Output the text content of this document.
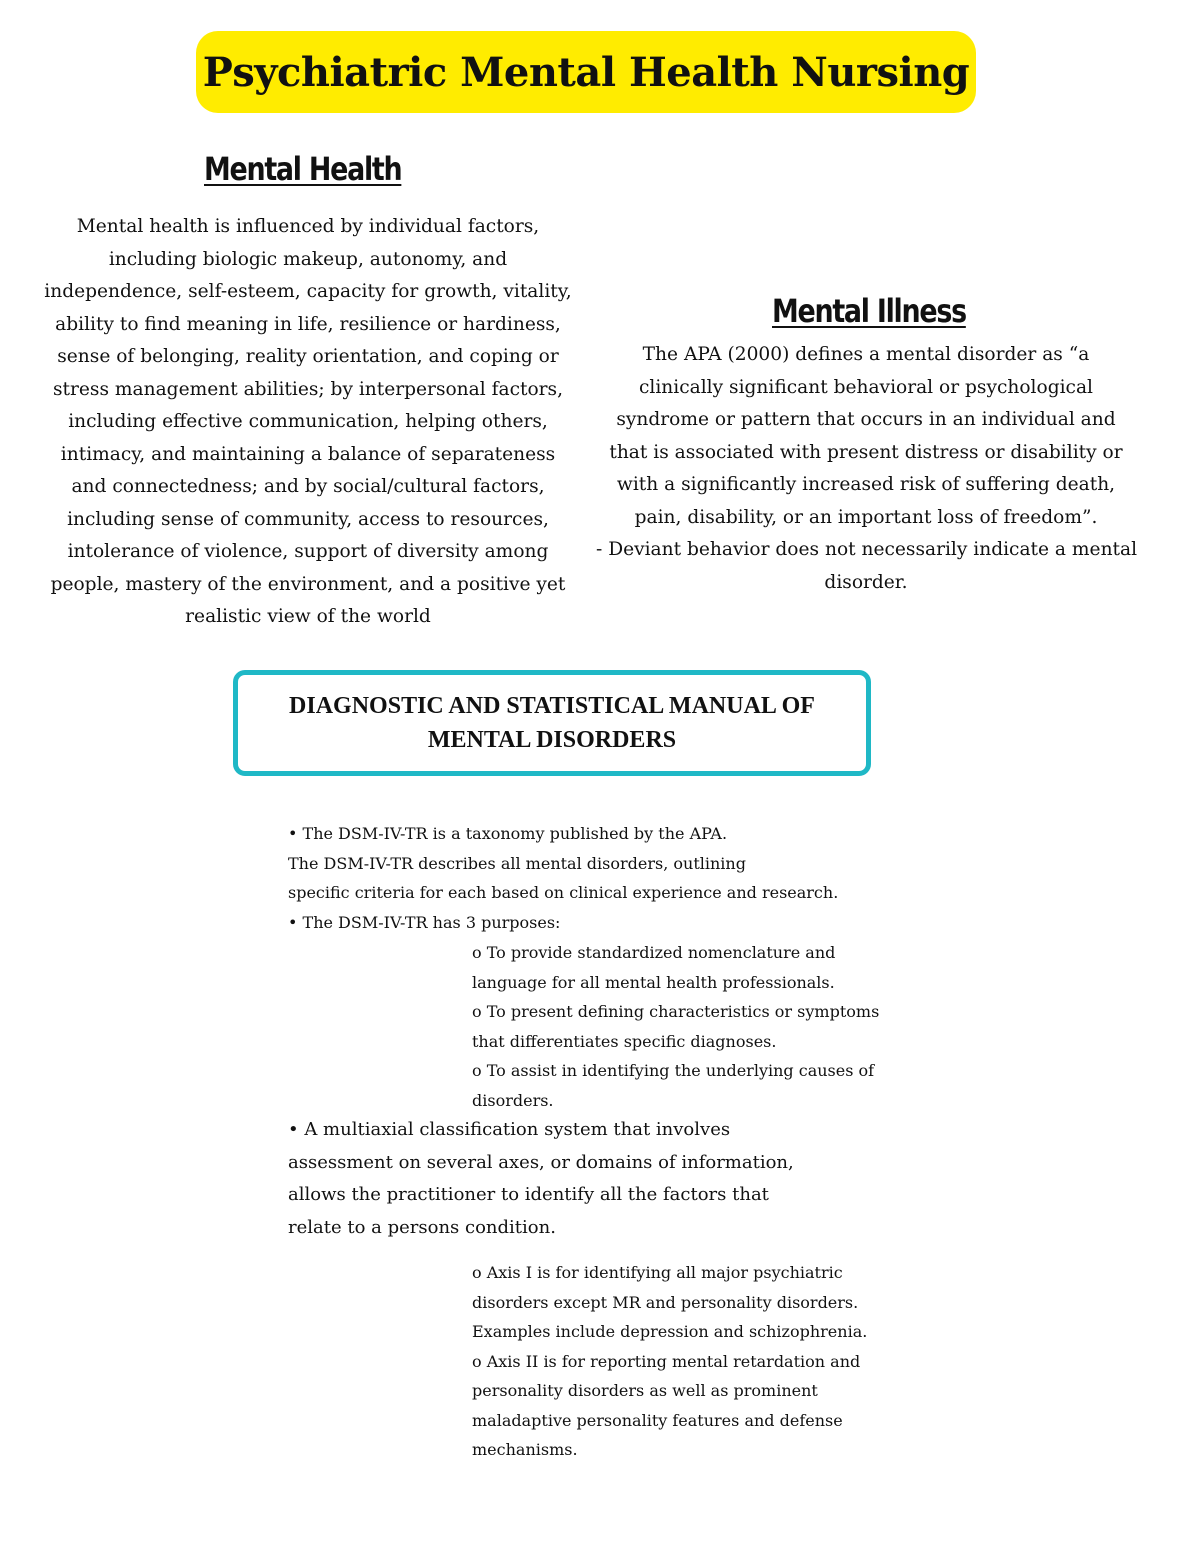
Psychiatric Mental Health Nursing
Mental Health

Mental health is influenced by individual factors,
including biologic makeup, autonomy, and
independence, self-esteem, capacity for growth, vitality,
ability to find meaning in life, resilience or hardiness,
sense of belonging, reality orientation, and coping or
stress management abilities; by interpersonal factors,
including effective communication, helping others,
intimacy, and maintaining a balance of separateness
and connectedness; and by social/cultural factors,
including sense of community, access to resources,
intolerance of violence, support of diversity among
people, mastery of the environment, and a positive yet
realistic view of the world

Mental Illness

The APA (2000) defines a mental disorder as “a
clinically significant behavioral or psychological
syndrome or pattern that occurs in an individual and
that is associated with present distress or disability or
with a significantly increased risk of suffering death,
pain, disability, or an important loss of freedom”.
- Deviant behavior does not necessarily indicate a mental
disorder.

DIAGNOSTIC AND STATISTICAL MANUAL OF
MENTAL DISORDERS

• The DSM-IV-TR is a taxonomy published by the APA.
The DSM-IV-TR describes all mental disorders, outlining
specific criteria for each based on clinical experience and research.
• The DSM-IV-TR has 3 purposes:

o To provide standardized nomenclature and
language for all mental health professionals.
o To present defining characteristics or symptoms
that differentiates specific diagnoses.
o To assist in identifying the underlying causes of
disorders.

• A multiaxial classification system that involves
assessment on several axes, or domains of information,
allows the practitioner to identify all the factors that
relate to a persons condition.

o Axis I is for identifying all major psychiatric
disorders except MR and personality disorders.
Examples include depression and schizophrenia.
o Axis II is for reporting mental retardation and
personality disorders as well as prominent
maladaptive personality features and defense
mechanisms.
